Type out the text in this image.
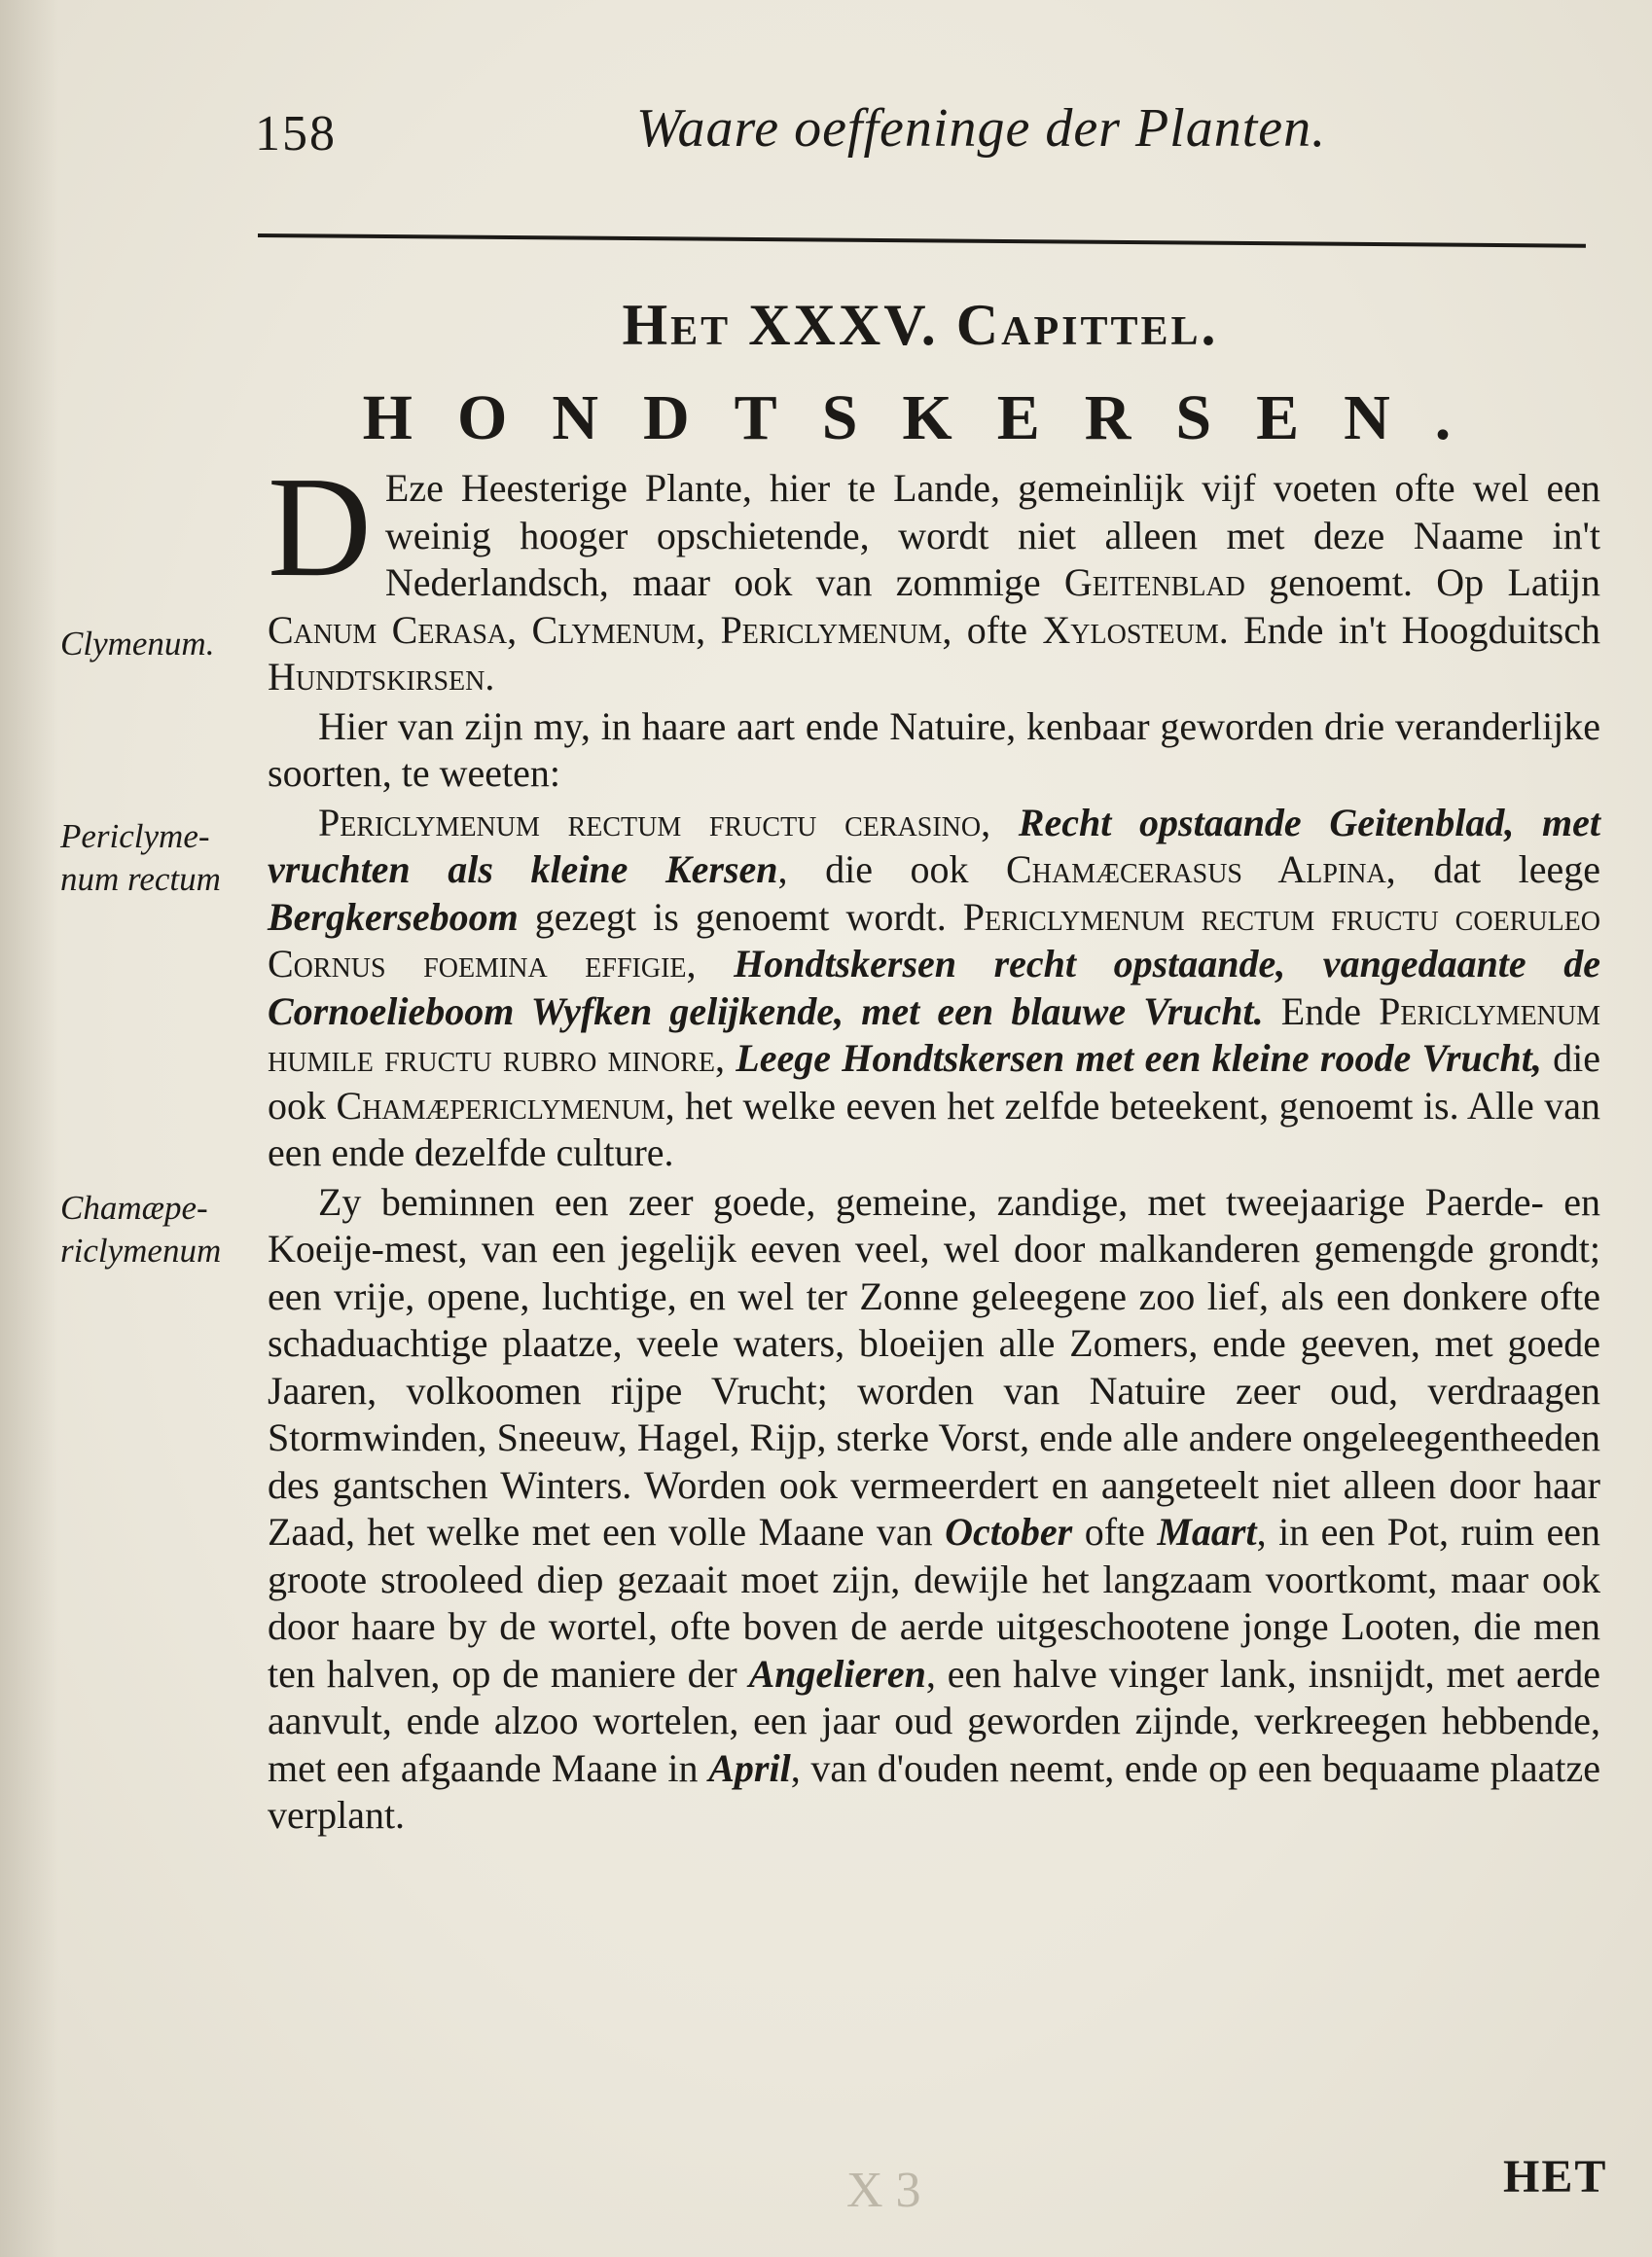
158	Waare oeffeninge der Planten.
Het XXXV. Capittel.
HONDTSKERSEN.
Clymenum.
Periclyme-
num rectum
Chamæpe-
riclymenum

D Eze Heesterige Plante, hier te Lande, gemeinlijk vijf voeten ofte wel een weinig hooger opschietende, wordt niet alleen met deze Naame in't Nederlandsch, maar ook van zommige Geitenblad genoemt. Op Latijn Canum Cerasa, Clymenum, Periclymenum, ofte Xylosteum. Ende in't Hoogduitsch Hundtskirsen.

Hier van zijn my, in haare aart ende Natuire, kenbaar geworden drie veranderlijke soorten, te weeten:

Periclymenum rectum fructu cerasino, Recht opstaande Geitenblad, met vruchten als kleine Kersen, die ook Chamæcerasus Alpina, dat leege Bergkerseboom gezegt is genoemt wordt. Periclymenum rectum fructu coeruleo Cornus foemina effigie, Hondtskersen recht opstaande, vangedaante de Cornoelieboom Wyfken gelijkende, met een blauwe Vrucht. Ende Periclymenum humile fructu rubro minore, Leege Hondtskersen met een kleine roode Vrucht, die ook Chamæpericlymenum, het welke eeven het zelfde beteekent, genoemt is. Alle van een ende dezelfde culture.

Zy beminnen een zeer goede, gemeine, zandige, met tweejaarige Paerde- en Koeije-mest, van een jegelijk eeven veel, wel door malkanderen gemengde grondt; een vrije, opene, luchtige, en wel ter Zonne geleegene zoo lief, als een donkere ofte schaduachtige plaatze, veele waters, bloeijen alle Zomers, ende geeven, met goede Jaaren, volkoomen rijpe Vrucht; worden van Natuire zeer oud, verdraagen Stormwinden, Sneeuw, Hagel, Rijp, sterke Vorst, ende alle andere ongeleegentheeden des gantschen Winters. Worden ook vermeerdert en aangeteelt niet alleen door haar Zaad, het welke met een volle Maane van October ofte Maart, in een Pot, ruim een groote strooleed diep gezaait moet zijn, dewijle het langzaam voortkomt, maar ook door haare by de wortel, ofte boven de aerde uitgeschootene jonge Looten, die men ten halven, op de maniere der Angelieren, een halve vinger lank, insnijdt, met aerde aanvult, ende alzoo wortelen, een jaar oud geworden zijnde, verkreegen hebbende, met een afgaande Maane in April, van d'ouden neemt, ende op een bequaame plaatze verplant.

X 3	HET
